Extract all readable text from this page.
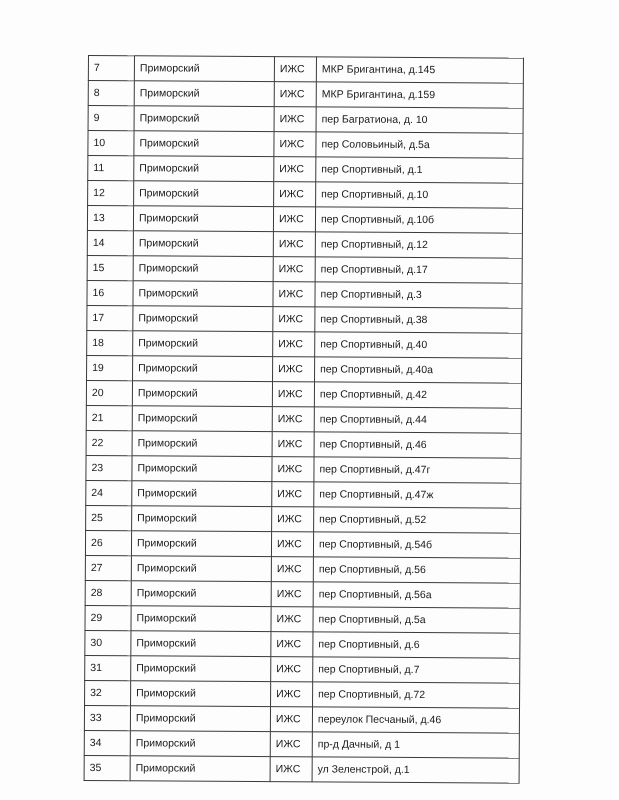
7	Приморский	ИЖС	МКР Бригантина, д.145
8	Приморский	ИЖС	МКР Бригантина, д.159
9	Приморский	ИЖС	пер Багратиона, д. 10
10	Приморский	ИЖС	пер Соловьиный, д.5а
11	Приморский	ИЖС	пер Спортивный, д.1
12	Приморский	ИЖС	пер Спортивный, д.10
13	Приморский	ИЖС	пер Спортивный, д.10б
14	Приморский	ИЖС	пер Спортивный, д.12
15	Приморский	ИЖС	пер Спортивный, д.17
16	Приморский	ИЖС	пер Спортивный, д.3
17	Приморский	ИЖС	пер Спортивный, д.38
18	Приморский	ИЖС	пер Спортивный, д.40
19	Приморский	ИЖС	пер Спортивный, д.40а
20	Приморский	ИЖС	пер Спортивный, д.42
21	Приморский	ИЖС	пер Спортивный, д.44
22	Приморский	ИЖС	пер Спортивный, д.46
23	Приморский	ИЖС	пер Спортивный, д.47г
24	Приморский	ИЖС	пер Спортивный, д.47ж
25	Приморский	ИЖС	пер Спортивный, д.52
26	Приморский	ИЖС	пер Спортивный, д.54б
27	Приморский	ИЖС	пер Спортивный, д.56
28	Приморский	ИЖС	пер Спортивный, д.56а
29	Приморский	ИЖС	пер Спортивный, д.5а
30	Приморский	ИЖС	пер Спортивный, д.6
31	Приморский	ИЖС	пер Спортивный, д.7
32	Приморский	ИЖС	пер Спортивный, д.72
33	Приморский	ИЖС	переулок Песчаный, д.46
34	Приморский	ИЖС	пр-д Дачный, д 1
35	Приморский	ИЖС	ул Зеленстрой, д.1
